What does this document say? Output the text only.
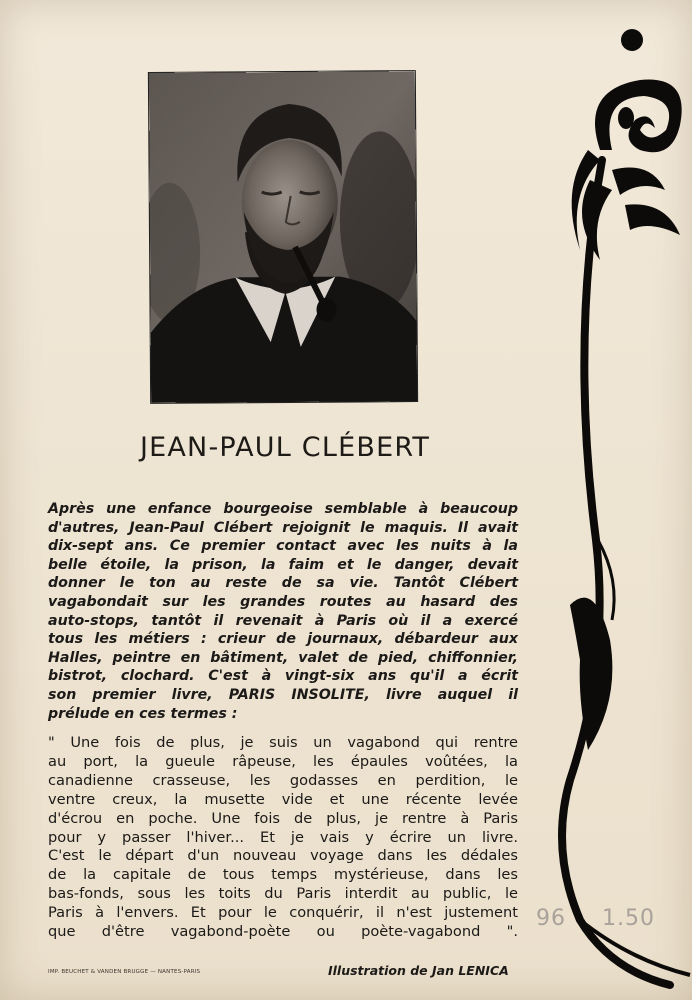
JEAN-PAUL CLÉBERT
Après une enfance bourgeoise semblable à beaucoup
d'autres, Jean-Paul Clébert rejoignit le maquis. Il avait
dix-sept ans. Ce premier contact avec les nuits à la
belle étoile, la prison, la faim et le danger, devait
donner le ton au reste de sa vie. Tantôt Clébert
vagabondait sur les grandes routes au hasard des
auto-stops, tantôt il revenait à Paris où il a exercé
tous les métiers : crieur de journaux, débardeur aux
Halles, peintre en bâtiment, valet de pied, chiffonnier,
bistrot, clochard. C'est à vingt-six ans qu'il a écrit
son premier livre, PARIS INSOLITE, livre auquel il
prélude en ces termes :
" Une fois de plus, je suis un vagabond qui rentre
au port, la gueule râpeuse, les épaules voûtées, la
canadienne crasseuse, les godasses en perdition, le
ventre creux, la musette vide et une récente levée
d'écrou en poche. Une fois de plus, je rentre à Paris
pour y passer l'hiver... Et je vais y écrire un livre.
C'est le départ d'un nouveau voyage dans les dédales
de la capitale de tous temps mystérieuse, dans les
bas-fonds, sous les toits du Paris interdit au public, le
Paris à l'envers. Et pour le conquérir, il n'est justement
que d'être vagabond-poète ou poète-vagabond ".
96 1.50
IMP. BEUCHET & VANDEN BRUGGE — NANTES-PARIS	Illustration de Jan LENICA
